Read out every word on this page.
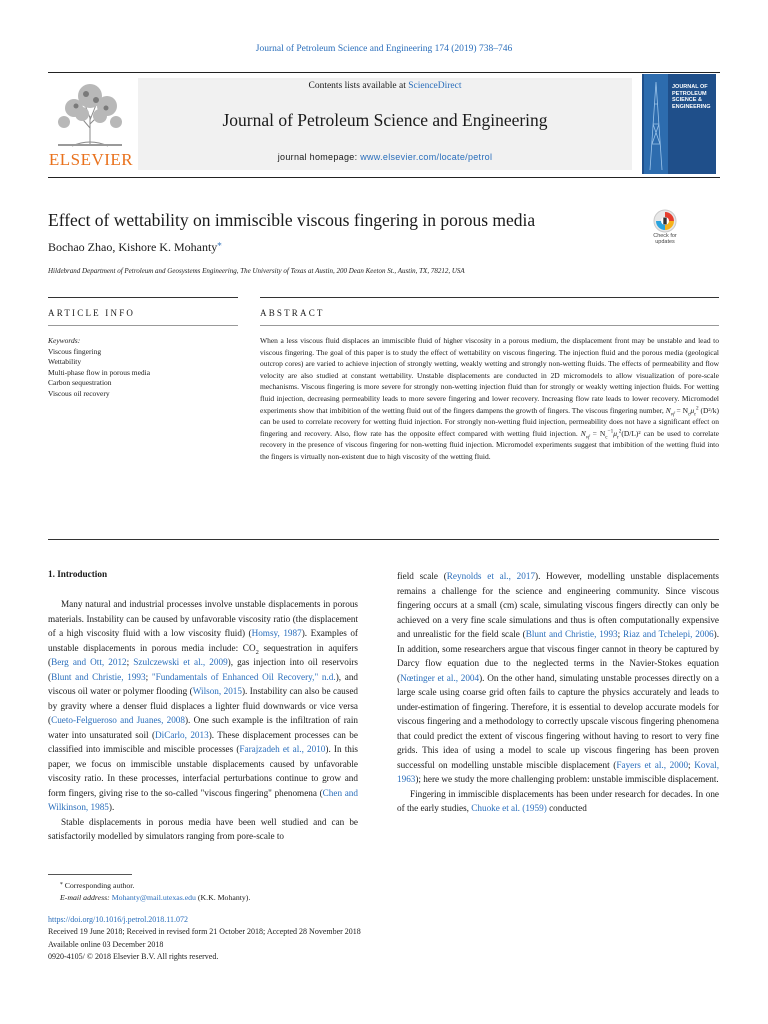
Journal of Petroleum Science and Engineering 174 (2019) 738–746
ELSEVIER
Contents lists available at ScienceDirect
Journal of Petroleum Science and Engineering
journal homepage: www.elsevier.com/locate/petrol
JOURNAL OF
PETROLEUM
SCIENCE &
ENGINEERING
Effect of wettability on immiscible viscous fingering in porous media
Check for
updates
Bochao Zhao, Kishore K. Mohanty⁎
Hildebrand Department of Petroleum and Geosystems Engineering, The University of Texas at Austin, 200 Dean Keeton St., Austin, TX, 78212, USA
ARTICLE INFO	ABSTRACT
Keywords:
Viscous fingering
Wettability
Multi-phase flow in porous media
Carbon sequestration
Viscous oil recovery
When a less viscous fluid displaces an immiscible fluid of higher viscosity in a porous medium, the displacement front may be unstable and lead to viscous fingering. The goal of this paper is to study the effect of wettability on viscous fingering. The injection fluid and the porous media (geological outcrop cores) are varied to achieve injection of strongly wetting, weakly wetting and strongly non-wetting fluids. The effects of permeability and flow velocity are also studied at constant wettability. Unstable displacements are conducted in 2D micromodels to allow visualization of pore-scale mechanisms. Viscous fingering is more severe for strongly non-wetting injection fluid than for strongly or weakly wetting injection fluids. For wetting fluid injection, decreasing permeability leads to more severe fingering and lower recovery. Increasing flow rate leads to lower recovery. Micromodel experiments show that imbibition of the wetting fluid out of the fingers dampens the growth of fingers. The viscous fingering number, $N_{vf} = N_c\mu_r^2$ (D²/k) can be used to correlate recovery for wetting fluid injection. For strongly non-wetting fluid injection, permeability does not have a significant effect on fingering and recovery. Also, flow rate has the opposite effect compared with wetting fluid injection. $N_{vf} = N_c^{-1}\mu_r^2(D/L)^2$ can be used to correlate recovery in the presence of viscous fingering for non-wetting fluid injection. Micromodel experiments suggest that imbibition of the wetting fluid into the fingers is virtually non-existent due to high viscosity of the wetting fluid.
1. Introduction

Many natural and industrial processes involve unstable displacements in porous materials. Instability can be caused by unfavorable viscosity ratio (the displacement of a high viscosity fluid with a low viscosity fluid) (Homsy, 1987). Examples of unstable displacements in porous media include: $CO_2$ sequestration in aquifers (Berg and Ott, 2012; Szulczewski et al., 2009), gas injection into oil reservoirs (Blunt and Christie, 1993; "Fundamentals of Enhanced Oil Recovery," n.d.), and viscous oil water or polymer flooding (Wilson, 2015). Instability can also be caused by gravity where a denser fluid displaces a lighter fluid downwards or vice versa (Cueto-Felgueroso and Juanes, 2008). One such example is the infiltration of rain water into unsaturated soil (DiCarlo, 2013). These displacement processes can be classified into immiscible and miscible processes (Farajzadeh et al., 2010). In this paper, we focus on immiscible unstable displacements caused by unfavorable viscosity ratio. In these processes, interfacial perturbations continue to grow and form fingers, giving rise to the so-called "viscous fingering" phenomena (Chen and Wilkinson, 1985).

Stable displacements in porous media have been well studied and can be satisfactorily modelled by simulators ranging from pore-scale to

field scale (Reynolds et al., 2017). However, modelling unstable displacements remains a challenge for the science and engineering community. Since viscous fingering occurs at a small (cm) scale, simulating viscous fingers directly can only be achieved on a very fine scale simulations and thus is often computationally expensive and unrealistic for the field scale (Blunt and Christie, 1993; Riaz and Tchelepi, 2006). In addition, some researchers argue that viscous finger cannot in theory be captured by Darcy flow equation due to the neglected terms in the Navier-Stokes equation (Nœtinger et al., 2004). On the other hand, simulating unstable processes directly on a large scale using coarse grid often fails to capture the physics accurately and leads to under-estimation of fingering. Therefore, it is essential to develop accurate models for viscous fingering and a methodology to correctly upscale viscous fingering phenomena that could predict the extent of viscous fingering without having to resort to very fine grids. This idea of using a model to scale up viscous fingering has been proven successful on modelling unstable miscible displacement (Fayers et al., 2000; Koval, 1963); here we study the more challenging problem: unstable immiscible displacement.

Fingering in immiscible displacements has been under research for decades. In one of the early studies, Chuoke et al. (1959) conducted

⁎ Corresponding author.
E-mail address: Mohanty@mail.utexas.edu (K.K. Mohanty).
https://doi.org/10.1016/j.petrol.2018.11.072
Received 19 June 2018; Received in revised form 21 October 2018; Accepted 28 November 2018
Available online 03 December 2018
0920-4105/ © 2018 Elsevier B.V. All rights reserved.
